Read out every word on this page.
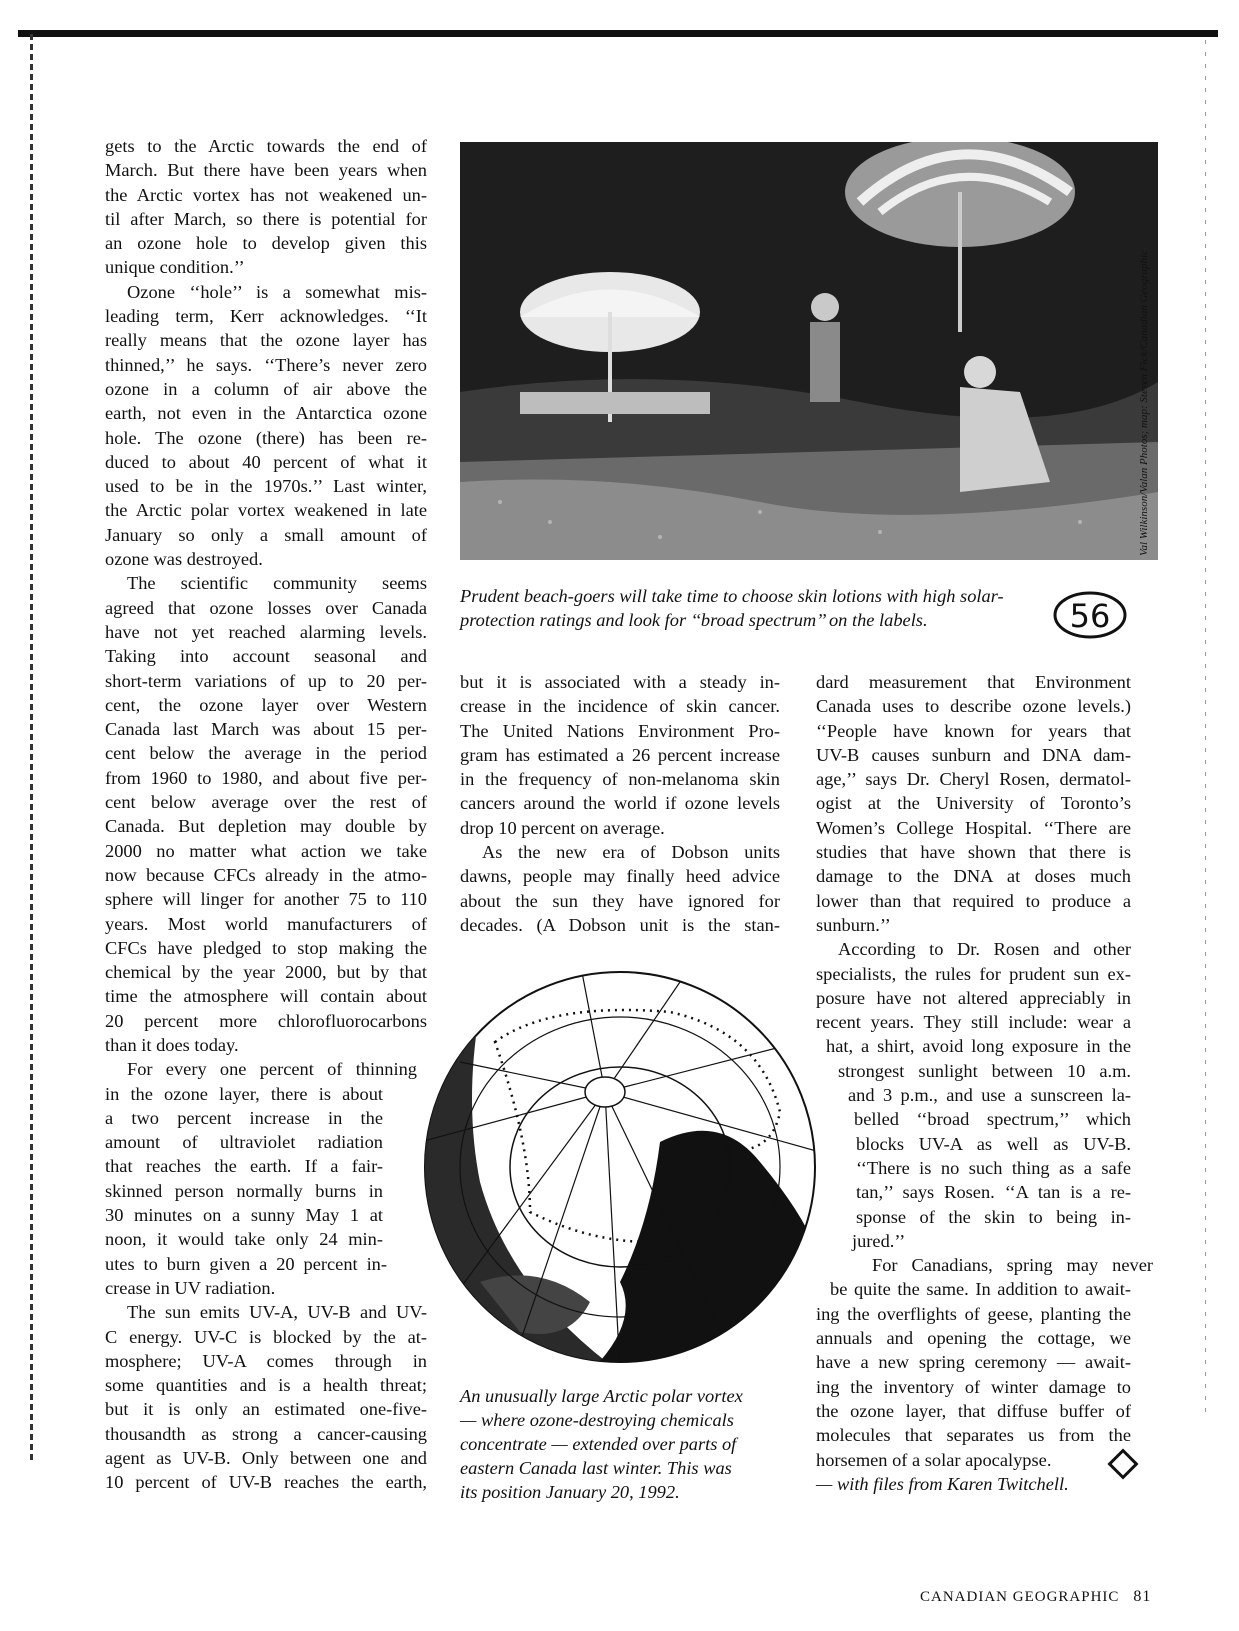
gets to the Arctic towards the end of
March. But there have been years when
the Arctic vortex has not weakened un-
til after March, so there is potential for
an ozone hole to develop given this
unique condition.’’
Ozone ‘‘hole’’ is a somewhat mis-
leading term, Kerr acknowledges. ‘‘It
really means that the ozone layer has
thinned,’’ he says. ‘‘There’s never zero
ozone in a column of air above the
earth, not even in the Antarctica ozone
hole. The ozone (there) has been re-
duced to about 40 percent of what it
used to be in the 1970s.’’ Last winter,
the Arctic polar vortex weakened in late
January so only a small amount of
ozone was destroyed.
The scientific community seems
agreed that ozone losses over Canada
have not yet reached alarming levels.
Taking into account seasonal and
short-term variations of up to 20 per-
cent, the ozone layer over Western
Canada last March was about 15 per-
cent below the average in the period
from 1960 to 1980, and about five per-
cent below average over the rest of
Canada. But depletion may double by
2000 no matter what action we take
now because CFCs already in the atmo-
sphere will linger for another 75 to 110
years. Most world manufacturers of
CFCs have pledged to stop making the
chemical by the year 2000, but by that
time the atmosphere will contain about
20 percent more chlorofluorocarbons
than it does today.
For every one percent of thinning
in the ozone layer, there is about
a two percent increase in the
amount of ultraviolet radiation
that reaches the earth. If a fair-
skinned person normally burns in
30 minutes on a sunny May 1 at
noon, it would take only 24 min-
utes to burn given a 20 percent in-
crease in UV radiation.
The sun emits UV-A, UV-B and UV-
C energy. UV-C is blocked by the at-
mosphere; UV-A comes through in
some quantities and is a health threat;
but it is only an estimated one-five-
thousandth as strong a cancer-causing
agent as UV-B. Only between one and
10 percent of UV-B reaches the earth,
Val Wilkinson/Valan Photos; map: Steven Fick/Canadian Geographic
Prudent beach-goers will take time to choose skin lotions with high solar-
protection ratings and look for ‘‘broad spectrum’’ on the labels.	56
but it is associated with a steady in-
crease in the incidence of skin cancer.
The United Nations Environment Pro-
gram has estimated a 26 percent increase
in the frequency of non-melanoma skin
cancers around the world if ozone levels
drop 10 percent on average.
As the new era of Dobson units
dawns, people may finally heed advice
about the sun they have ignored for
decades. (A Dobson unit is the stan-
An unusually large Arctic polar vortex
— where ozone-destroying chemicals
concentrate — extended over parts of
eastern Canada last winter. This was
its position January 20, 1992.
dard measurement that Environment
Canada uses to describe ozone levels.)
‘‘People have known for years that
UV-B causes sunburn and DNA dam-
age,’’ says Dr. Cheryl Rosen, dermatol-
ogist at the University of Toronto’s
Women’s College Hospital. ‘‘There are
studies that have shown that there is
damage to the DNA at doses much
lower than that required to produce a
sunburn.’’
According to Dr. Rosen and other
specialists, the rules for prudent sun ex-
posure have not altered appreciably in
recent years. They still include: wear a
hat, a shirt, avoid long exposure in the
strongest sunlight between 10 a.m.
and 3 p.m., and use a sunscreen la-
belled ‘‘broad spectrum,’’ which
blocks UV-A as well as UV-B.
‘‘There is no such thing as a safe
tan,’’ says Rosen. ‘‘A tan is a re-
sponse of the skin to being in-
jured.’’
For Canadians, spring may never
be quite the same. In addition to await-
ing the overflights of geese, planting the
annuals and opening the cottage, we
have a new spring ceremony — await-
ing the inventory of winter damage to
the ozone layer, that diffuse buffer of
molecules that separates us from the
horsemen of a solar apocalypse.
— with files from Karen Twitchell.
CANADIAN GEOGRAPHIC 81
